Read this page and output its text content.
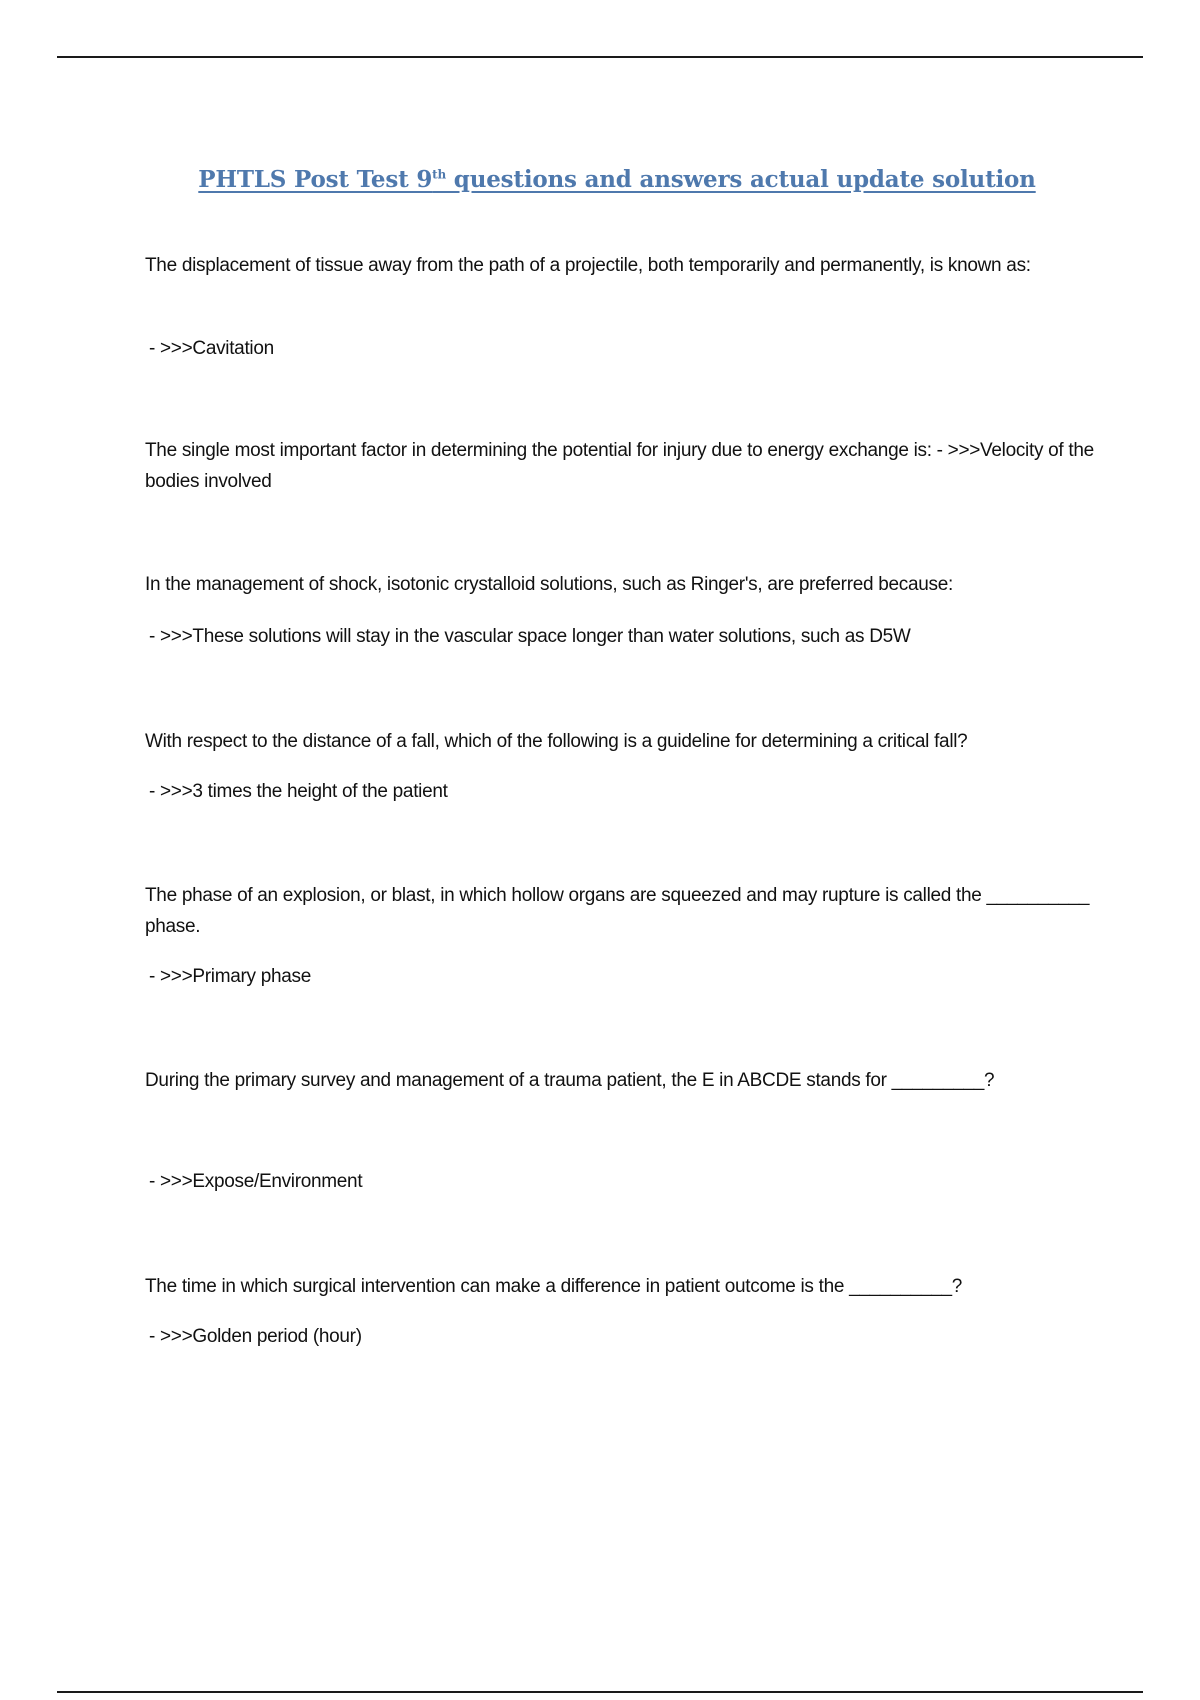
PHTLS Post Test 9th questions and answers actual update solution
The displacement of tissue away from the path of a projectile, both temporarily and permanently, is known as:
- >>>Cavitation
The single most important factor in determining the potential for injury due to energy exchange is: - >>>Velocity of the bodies involved
In the management of shock, isotonic crystalloid solutions, such as Ringer's, are preferred because:
- >>>These solutions will stay in the vascular space longer than water solutions, such as D5W
With respect to the distance of a fall, which of the following is a guideline for determining a critical fall?
- >>>3 times the height of the patient
The phase of an explosion, or blast, in which hollow organs are squeezed and may rupture is called the __________ phase.
- >>>Primary phase
During the primary survey and management of a trauma patient, the E in ABCDE stands for _________?
- >>>Expose/Environment
The time in which surgical intervention can make a difference in patient outcome is the __________?
- >>>Golden period (hour)
